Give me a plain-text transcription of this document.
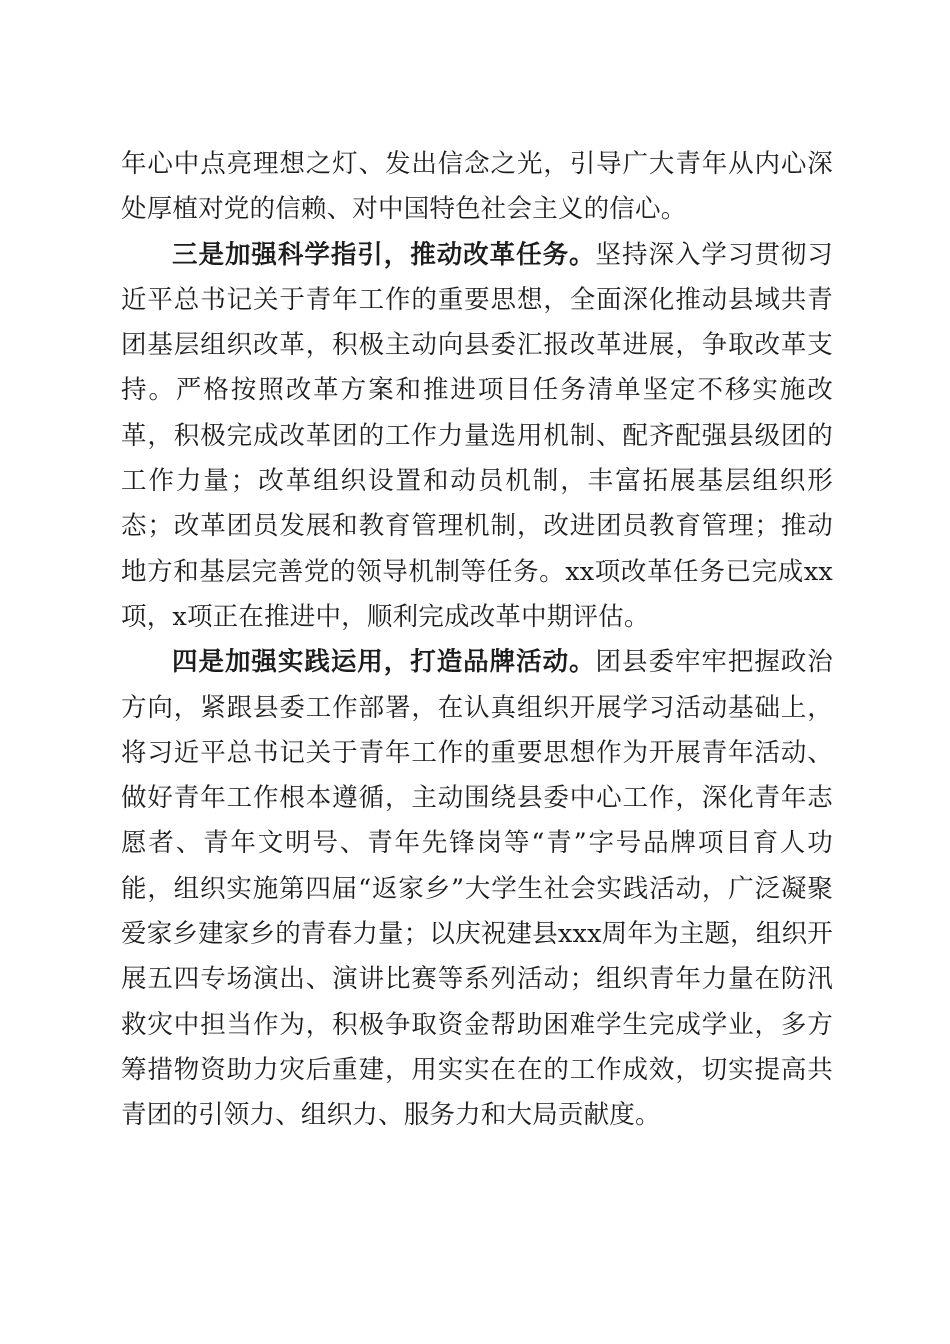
年心中点亮理想之灯、发出信念之光，引导广大青年从内心深处厚植对党的信赖、对中国特色社会主义的信心。

三是加强科学指引，推动改革任务。坚持深入学习贯彻习近平总书记关于青年工作的重要思想，全面深化推动县域共青团基层组织改革，积极主动向县委汇报改革进展，争取改革支持。严格按照改革方案和推进项目任务清单坚定不移实施改革，积极完成改革团的工作力量选用机制、配齐配强县级团的工作力量；改革组织设置和动员机制，丰富拓展基层组织形态；改革团员发展和教育管理机制，改进团员教育管理；推动地方和基层完善党的领导机制等任务。xx项改革任务已完成xx项，x项正在推进中，顺利完成改革中期评估。

四是加强实践运用，打造品牌活动。团县委牢牢把握政治方向，紧跟县委工作部署，在认真组织开展学习活动基础上，将习近平总书记关于青年工作的重要思想作为开展青年活动、做好青年工作根本遵循，主动围绕县委中心工作，深化青年志愿者、青年文明号、青年先锋岗等“青”字号品牌项目育人功能，组织实施第四届“返家乡”大学生社会实践活动，广泛凝聚爱家乡建家乡的青春力量；以庆祝建县xxx周年为主题，组织开展五四专场演出、演讲比赛等系列活动；组织青年力量在防汛救灾中担当作为，积极争取资金帮助困难学生完成学业，多方筹措物资助力灾后重建，用实实在在的工作成效，切实提高共青团的引领力、组织力、服务力和大局贡献度。
